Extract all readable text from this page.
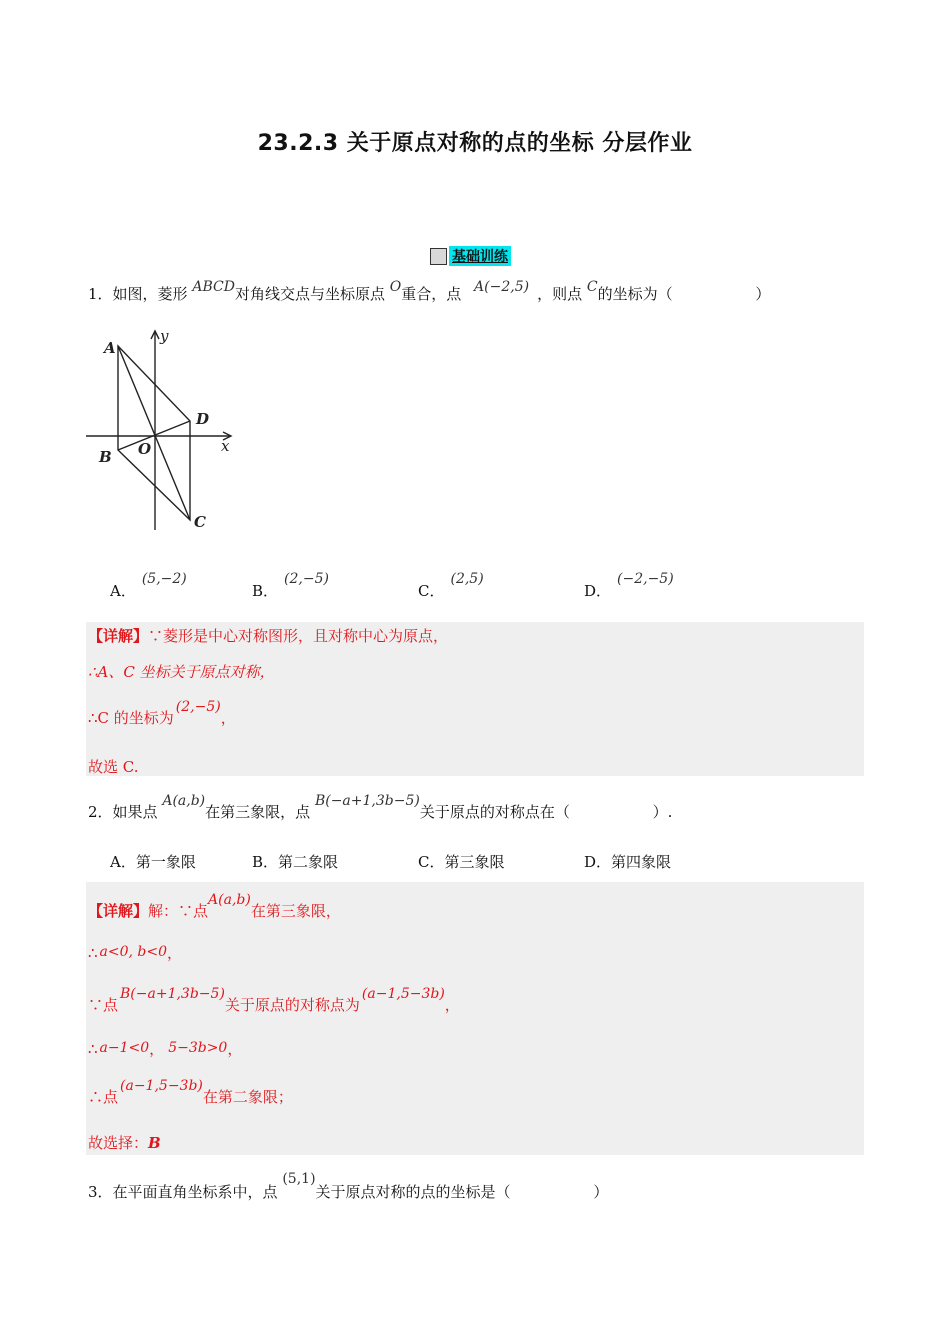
23.2.3 关于原点对称的点的坐标 分层作业
基础训练
1．如图，菱形 ABCD对角线交点与坐标原点 O重合，点 A(−2,5) ，则点 C的坐标为（	）
A
B
C
D
O	x
y
A．(5,−2)
B．(2,−5)
C．(2,5)
D．(−2,−5)
【详解】∵菱形是中心对称图形，且对称中心为原点，
∴A、C 坐标关于原点对称，
∴C 的坐标为(2,−5)，
故选 C.
2．如果点 A(a,b)在第三象限，点 B(−a+1,3b−5)关于原点的对称点在（	）.
A．第一象限	B．第二象限	C．第三象限	D．第四象限
【详解】解：∵点A(a,b)在第三象限，
∴ a<0, b<0，
∵点B(−a+1,3b−5)关于原点的对称点为(a−1,5−3b)，
∴ a−1<0， 5−3b>0，
∴点(a−1,5−3b)在第二象限；
故选择：B
3．在平面直角坐标系中，点 (5,1)关于原点对称的点的坐标是（	）
